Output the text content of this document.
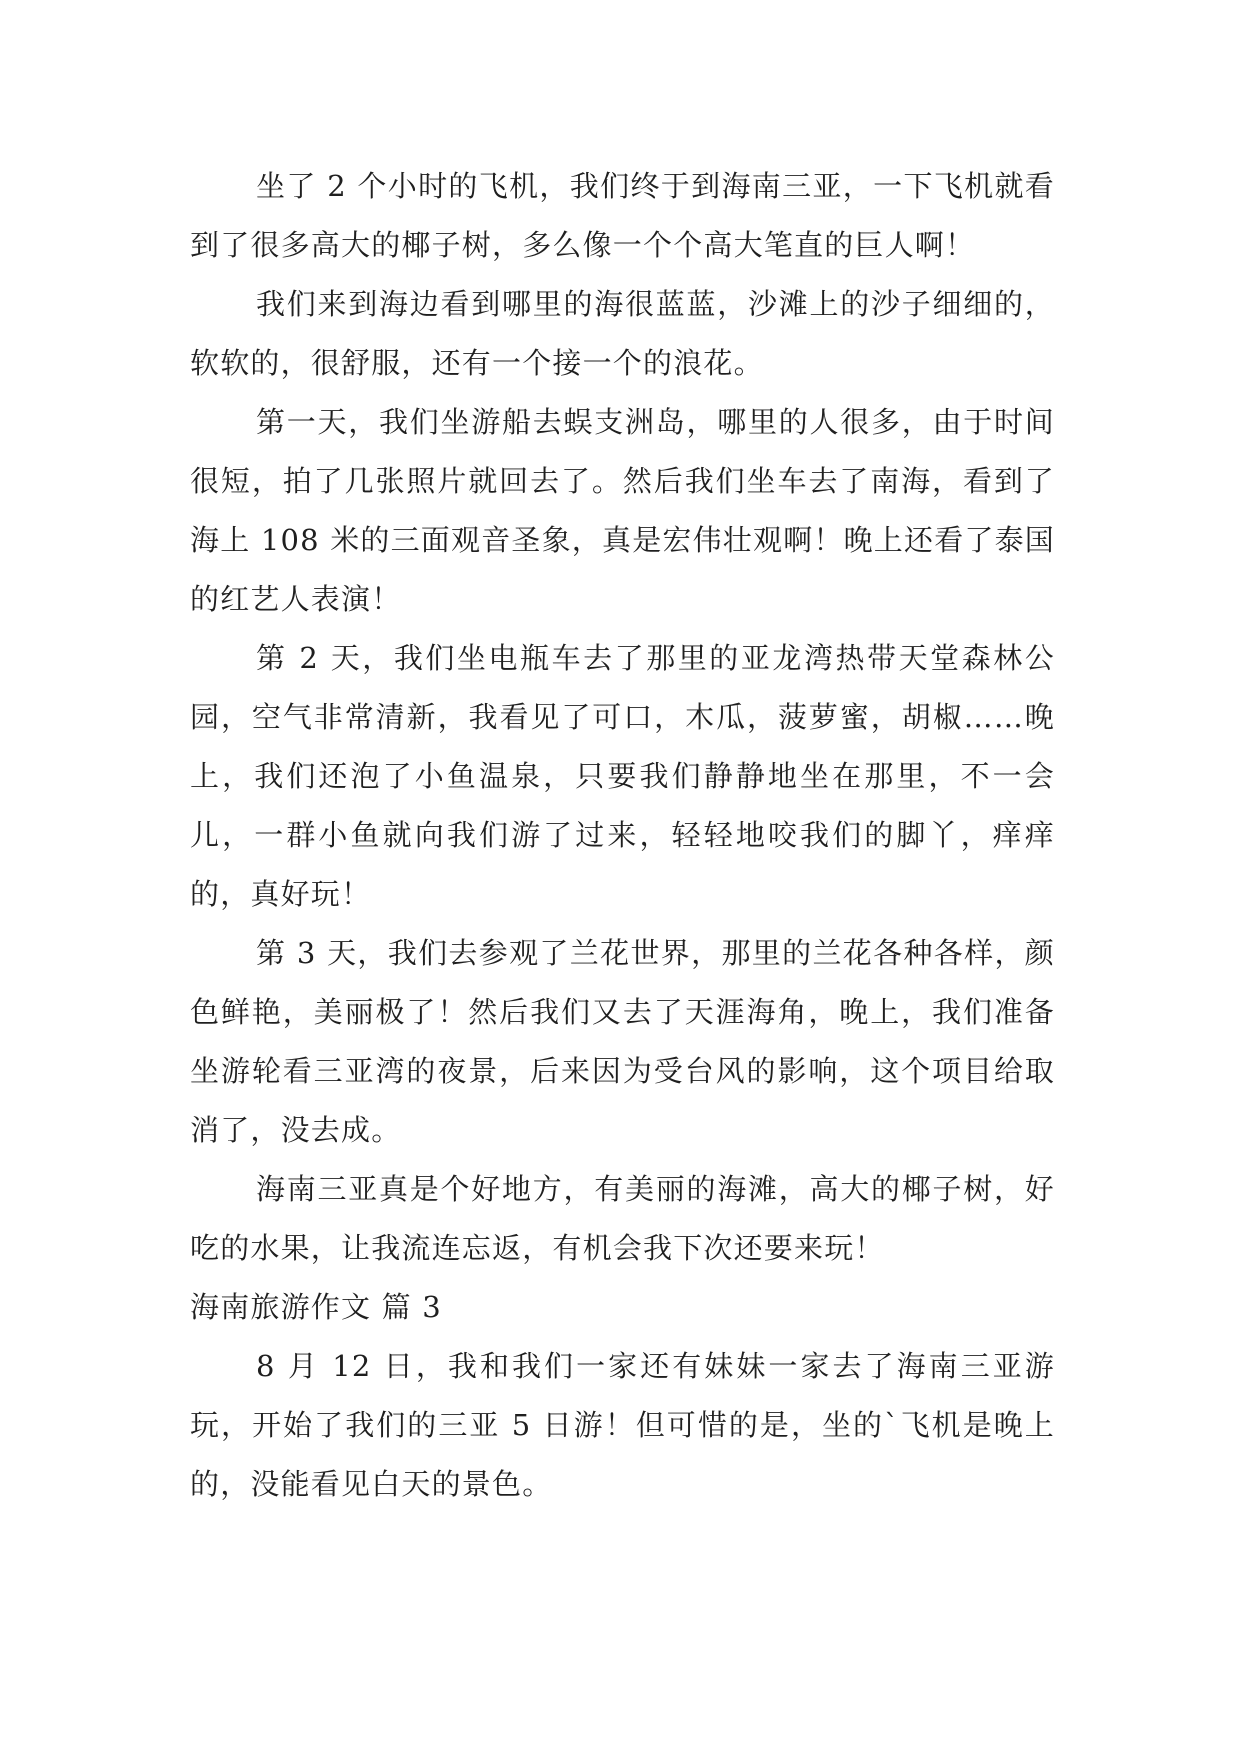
坐了 2 个小时的飞机，我们终于到海南三亚，一下飞机就看到了很多高大的椰子树，多么像一个个高大笔直的巨人啊！

我们来到海边看到哪里的海很蓝蓝，沙滩上的沙子细细的，软软的，很舒服，还有一个接一个的浪花。

第一天，我们坐游船去蜈支洲岛，哪里的人很多，由于时间很短，拍了几张照片就回去了。然后我们坐车去了南海，看到了海上 108 米的三面观音圣象，真是宏伟壮观啊！晚上还看了泰国的红艺人表演！

第 2 天，我们坐电瓶车去了那里的亚龙湾热带天堂森林公园，空气非常清新，我看见了可口，木瓜，菠萝蜜，胡椒……晚上，我们还泡了小鱼温泉，只要我们静静地坐在那里，不一会儿，一群小鱼就向我们游了过来，轻轻地咬我们的脚丫，痒痒的，真好玩！

第 3 天，我们去参观了兰花世界，那里的兰花各种各样，颜色鲜艳，美丽极了！然后我们又去了天涯海角，晚上，我们准备坐游轮看三亚湾的夜景，后来因为受台风的影响，这个项目给取消了，没去成。

海南三亚真是个好地方，有美丽的海滩，高大的椰子树，好吃的水果，让我流连忘返，有机会我下次还要来玩！

海南旅游作文 篇 3

8 月 12 日，我和我们一家还有妹妹一家去了海南三亚游玩，开始了我们的三亚 5 日游！但可惜的是，坐的`飞机是晚上的，没能看见白天的景色。
